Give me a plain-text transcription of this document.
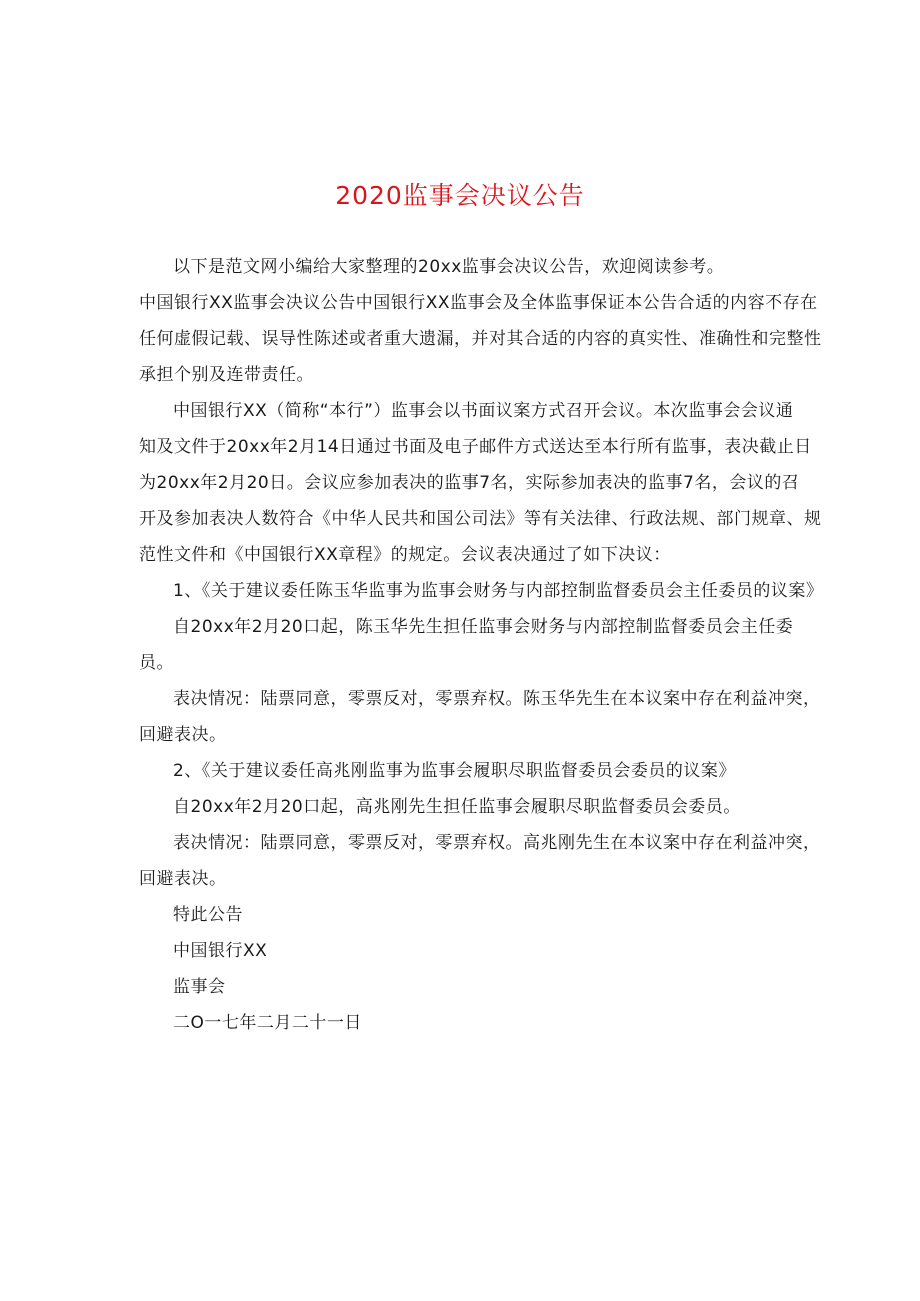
2020监事会决议公告

以下是范文网小编给大家整理的20xx监事会决议公告，欢迎阅读参考。

中国银行XX监事会决议公告中国银行XX监事会及全体监事保证本公告合适的内容不存在

任何虚假记载、误导性陈述或者重大遗漏，并对其合适的内容的真实性、准确性和完整性

承担个别及连带责任。

中国银行XX（简称“本行”）监事会以书面议案方式召开会议。本次监事会会议通

知及文件于20xx年2月14日通过书面及电子邮件方式送达至本行所有监事，表决截止日

为20xx年2月20日。会议应参加表决的监事7名，实际参加表决的监事7名，会议的召

开及参加表决人数符合《中华人民共和国公司法》等有关法律、行政法规、部门规章、规

范性文件和《中国银行XX章程》的规定。会议表决通过了如下决议：

1、《关于建议委任陈玉华监事为监事会财务与内部控制监督委员会主任委员的议案》

自20xx年2月20口起，陈玉华先生担任监事会财务与内部控制监督委员会主任委

员。

表决情况：陆票同意，零票反对，零票弃权。陈玉华先生在本议案中存在利益冲突，

回避表决。

2、《关于建议委任高兆刚监事为监事会履职尽职监督委员会委员的议案》

自20xx年2月20口起，高兆刚先生担任监事会履职尽职监督委员会委员。

表决情况：陆票同意，零票反对，零票弃权。高兆刚先生在本议案中存在利益冲突，

回避表决。

特此公告

中国银行XX

监事会

二O一七年二月二十一日
